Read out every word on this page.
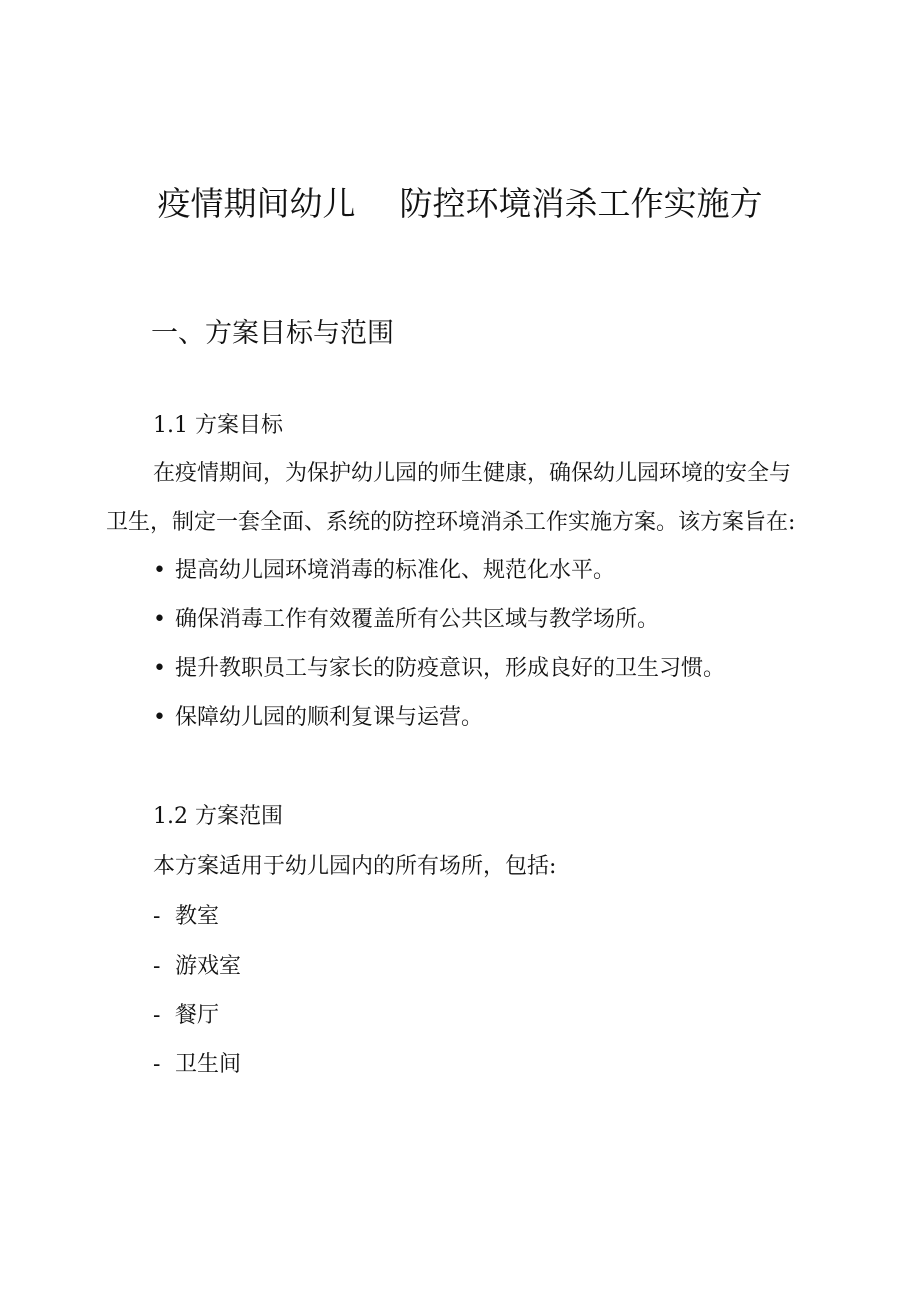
疫情期间幼儿 防控环境消杀工作实施方
一、方案目标与范围
1.1 方案目标
在疫情期间，为保护幼儿园的师生健康，确保幼儿园环境的安全与
卫生，制定一套全面、系统的防控环境消杀工作实施方案。该方案旨在:
• 提高幼儿园环境消毒的标准化、规范化水平。
• 确保消毒工作有效覆盖所有公共区域与教学场所。
• 提升教职员工与家长的防疫意识，形成良好的卫生习惯。
• 保障幼儿园的顺利复课与运营。
1.2 方案范围
本方案适用于幼儿园内的所有场所，包括:
- 教室
- 游戏室
- 餐厅
- 卫生间
